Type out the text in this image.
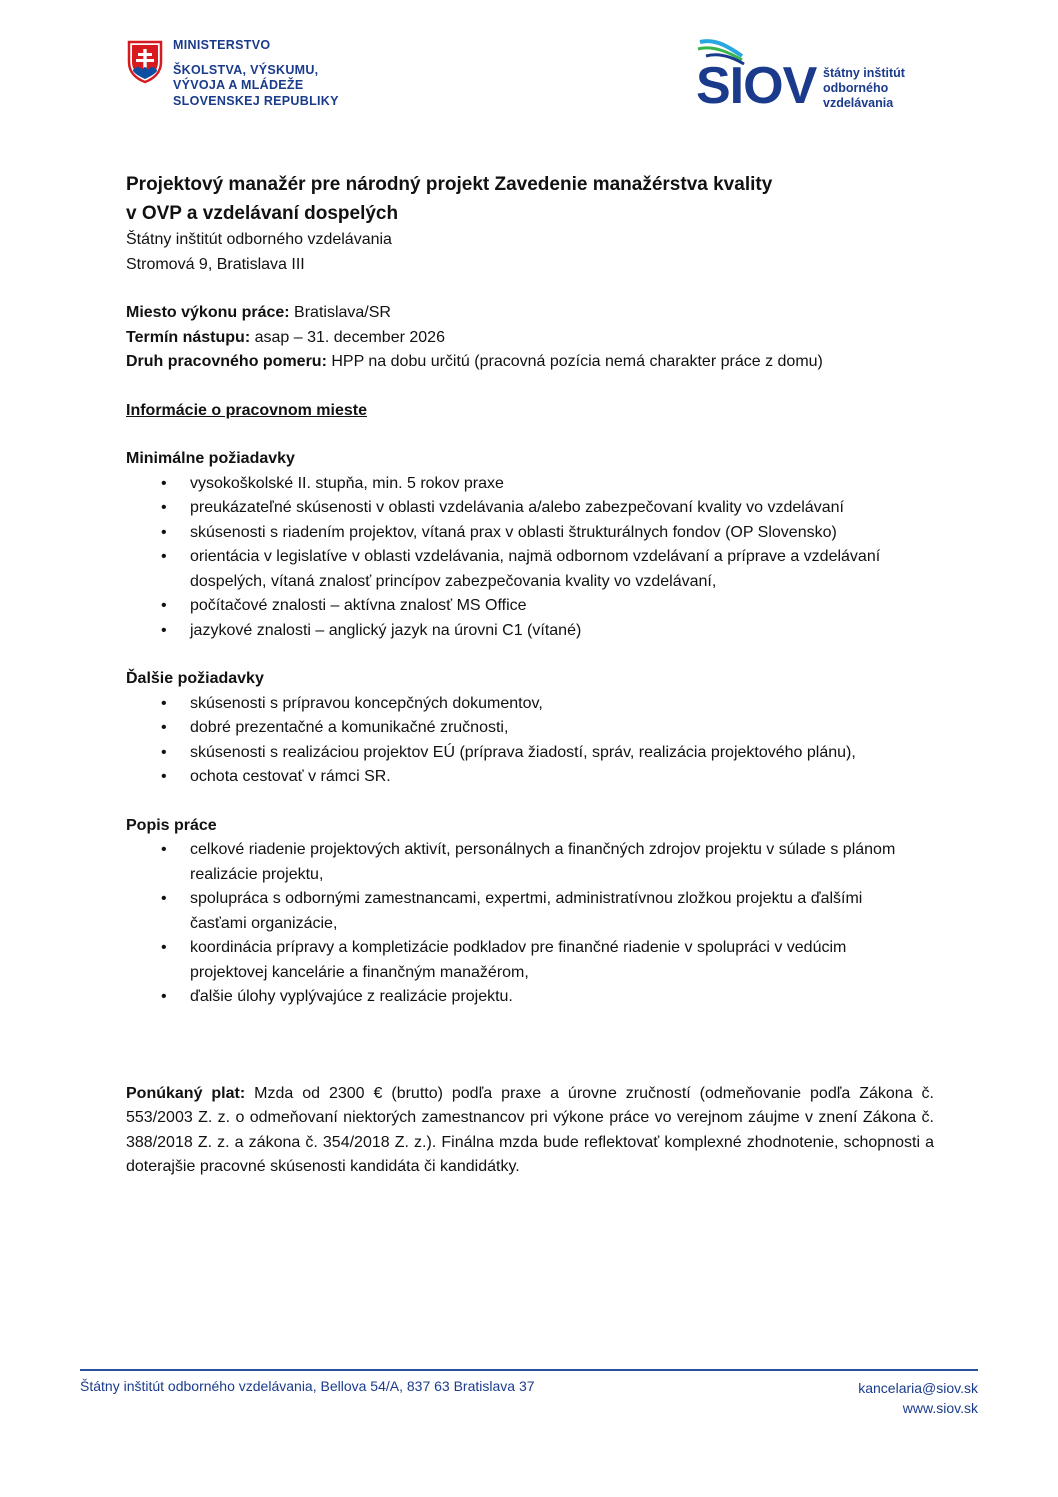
MINISTERSTVO
ŠKOLSTVA, VÝSKUMU,
VÝVOJA A MLÁDEŽE
SLOVENSKEJ REPUBLIKY	SIOV štátny inštitút
odborného
vzdelávania

Projektový manažér pre národný projekt Zavedenie manažérstva kvality

v OVP a vzdelávaní dospelých

Štátny inštitút odborného vzdelávania

Stromová 9, Bratislava III

Miesto výkonu práce: Bratislava/SR

Termín nástupu: asap – 31. december 2026

Druh pracovného pomeru: HPP na dobu určitú (pracovná pozícia nemá charakter práce z domu)

Informácie o pracovnom mieste

Minimálne požiadavky

• vysokoškolské II. stupňa, min. 5 rokov praxe
• preukázateľné skúsenosti v oblasti vzdelávania a/alebo zabezpečovaní kvality vo vzdelávaní
• skúsenosti s riadením projektov, vítaná prax v oblasti štrukturálnych fondov (OP Slovensko)
• orientácia v legislatíve v oblasti vzdelávania, najmä odbornom vzdelávaní a príprave a vzdelávaní dospelých, vítaná znalosť princípov zabezpečovania kvality vo vzdelávaní,
• počítačové znalosti – aktívna znalosť MS Office
• jazykové znalosti – anglický jazyk na úrovni C1 (vítané)

Ďalšie požiadavky

• skúsenosti s prípravou koncepčných dokumentov,
• dobré prezentačné a komunikačné zručnosti,
• skúsenosti s realizáciou projektov EÚ (príprava žiadostí, správ, realizácia projektového plánu),
• ochota cestovať v rámci SR.

Popis práce

• celkové riadenie projektových aktivít, personálnych a finančných zdrojov projektu v súlade s plánom realizácie projektu,
• spolupráca s odbornými zamestnancami, expertmi, administratívnou zložkou projektu a ďalšími časťami organizácie,
• koordinácia prípravy a kompletizácie podkladov pre finančné riadenie v spolupráci v vedúcim projektovej kancelárie a finančným manažérom,
• ďalšie úlohy vyplývajúce z realizácie projektu.

Ponúkaný plat: Mzda od 2300 € (brutto) podľa praxe a úrovne zručností (odmeňovanie podľa Zákona č. 553/2003 Z. z. o odmeňovaní niektorých zamestnancov pri výkone práce vo verejnom záujme v znení Zákona č. 388/2018 Z. z. a zákona č. 354/2018 Z. z.). Finálna mzda bude reflektovať komplexné zhodnotenie, schopnosti a doterajšie pracovné skúsenosti kandidáta či kandidátky.

Štátny inštitút odborného vzdelávania, Bellova 54/A, 837 63 Bratislava 37	kancelaria@siov.sk
www.siov.sk
